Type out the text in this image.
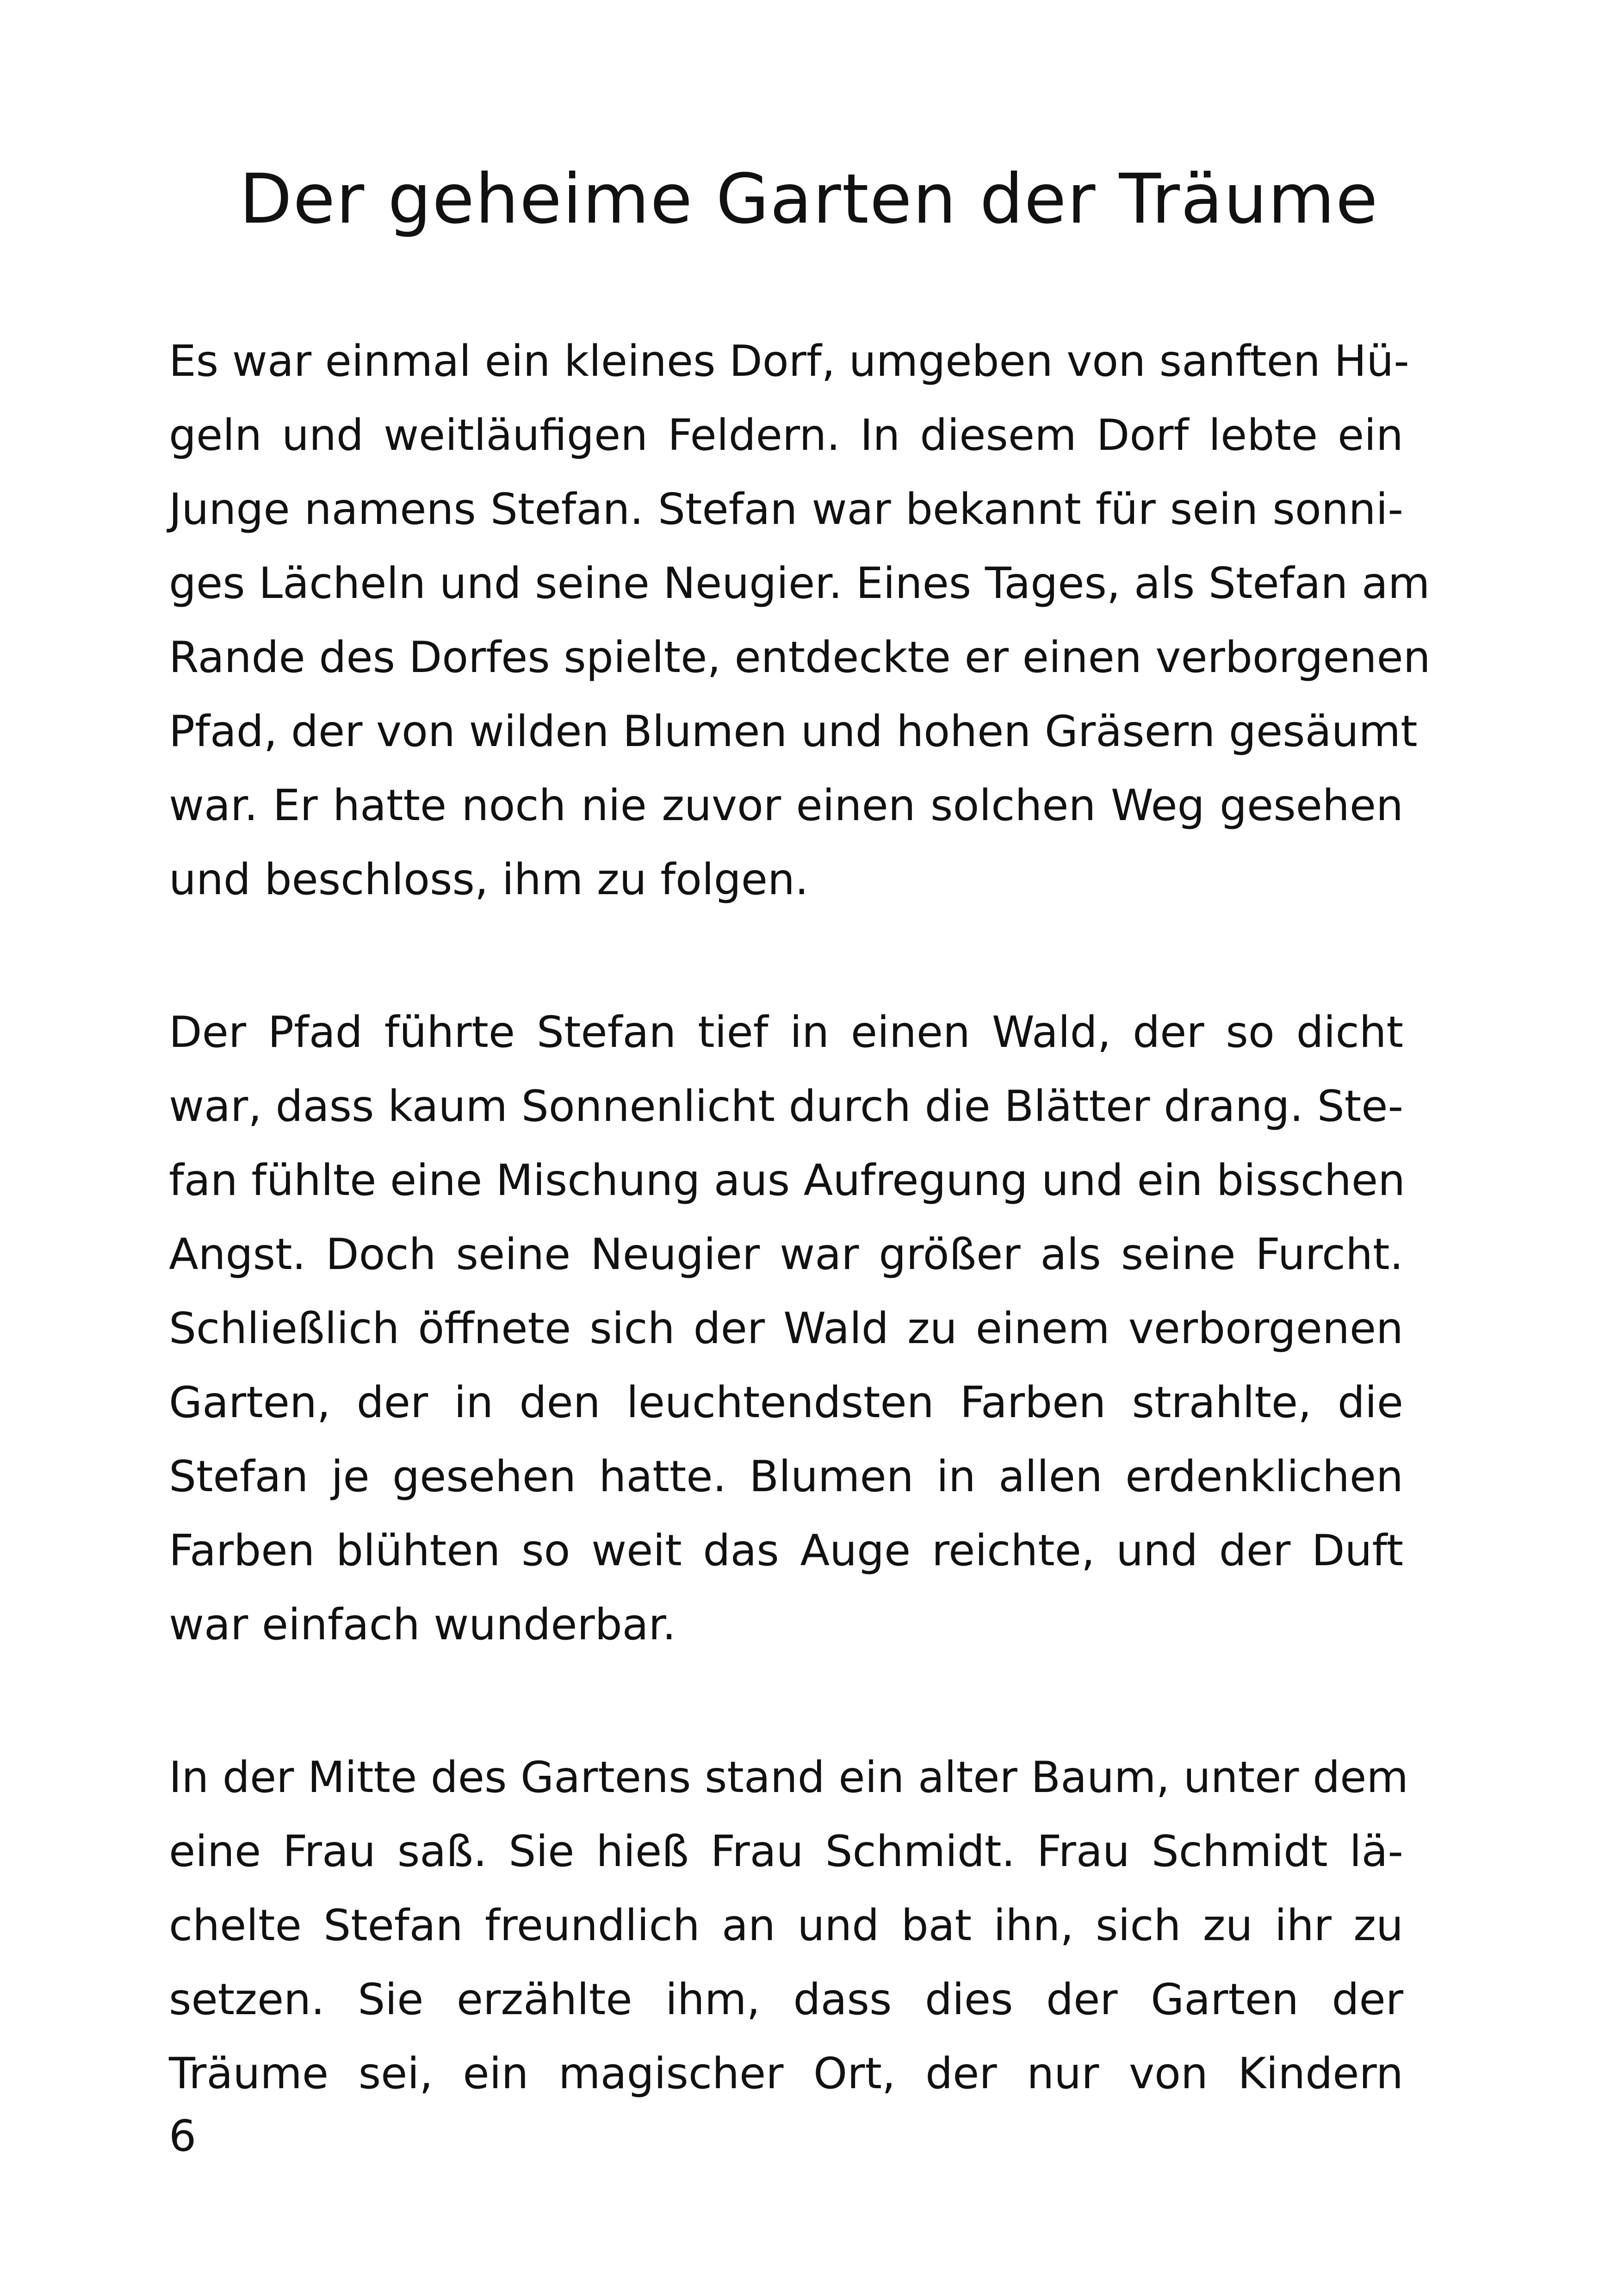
Der geheime Garten der Träume

Es war einmal ein kleines Dorf, umgeben von sanften Hü-
geln und weitläufigen Feldern. In diesem Dorf lebte ein
Junge namens Stefan. Stefan war bekannt für sein sonni-
ges Lächeln und seine Neugier. Eines Tages, als Stefan am
Rande des Dorfes spielte, entdeckte er einen verborgenen
Pfad, der von wilden Blumen und hohen Gräsern gesäumt
war. Er hatte noch nie zuvor einen solchen Weg gesehen
und beschloss, ihm zu folgen.

Der Pfad führte Stefan tief in einen Wald, der so dicht
war, dass kaum Sonnenlicht durch die Blätter drang. Ste-
fan fühlte eine Mischung aus Aufregung und ein bisschen
Angst. Doch seine Neugier war größer als seine Furcht.
Schließlich öffnete sich der Wald zu einem verborgenen
Garten, der in den leuchtendsten Farben strahlte, die
Stefan je gesehen hatte. Blumen in allen erdenklichen
Farben blühten so weit das Auge reichte, und der Duft
war einfach wunderbar.

In der Mitte des Gartens stand ein alter Baum, unter dem
eine Frau saß. Sie hieß Frau Schmidt. Frau Schmidt lä-
chelte Stefan freundlich an und bat ihn, sich zu ihr zu
setzen. Sie erzählte ihm, dass dies der Garten der
Träume sei, ein magischer Ort, der nur von Kindern

6
